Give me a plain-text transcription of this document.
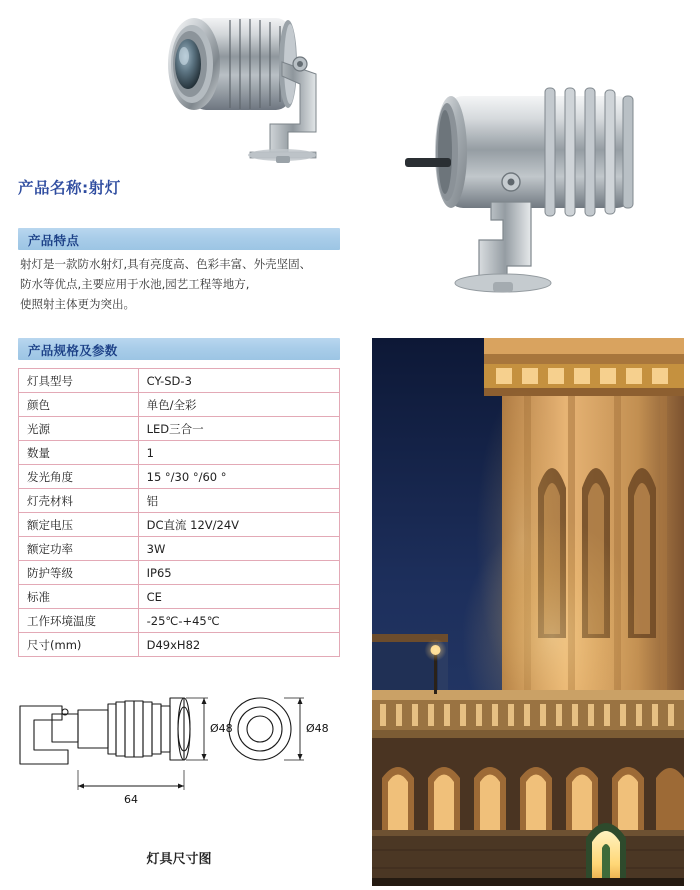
产品名称:射灯
产品特点
射灯是一款防水射灯,具有亮度高、色彩丰富、外壳坚固、
防水等优点,主要应用于水池,园艺工程等地方,
使照射主体更为突出。
产品规格及参数
灯具型号	CY-SD-3
颜色	单色/全彩
光源	LED三合一
数量	1
发光角度	15 °/30 °/60 °
灯壳材料	铝
额定电压	DC直流 12V/24V
额定功率	3W
防护等级	IP65
标准	CE
工作环境温度	-25℃-+45℃
尺寸(mm)	D49xH82
64
Ø48	Ø48
灯具尺寸图
